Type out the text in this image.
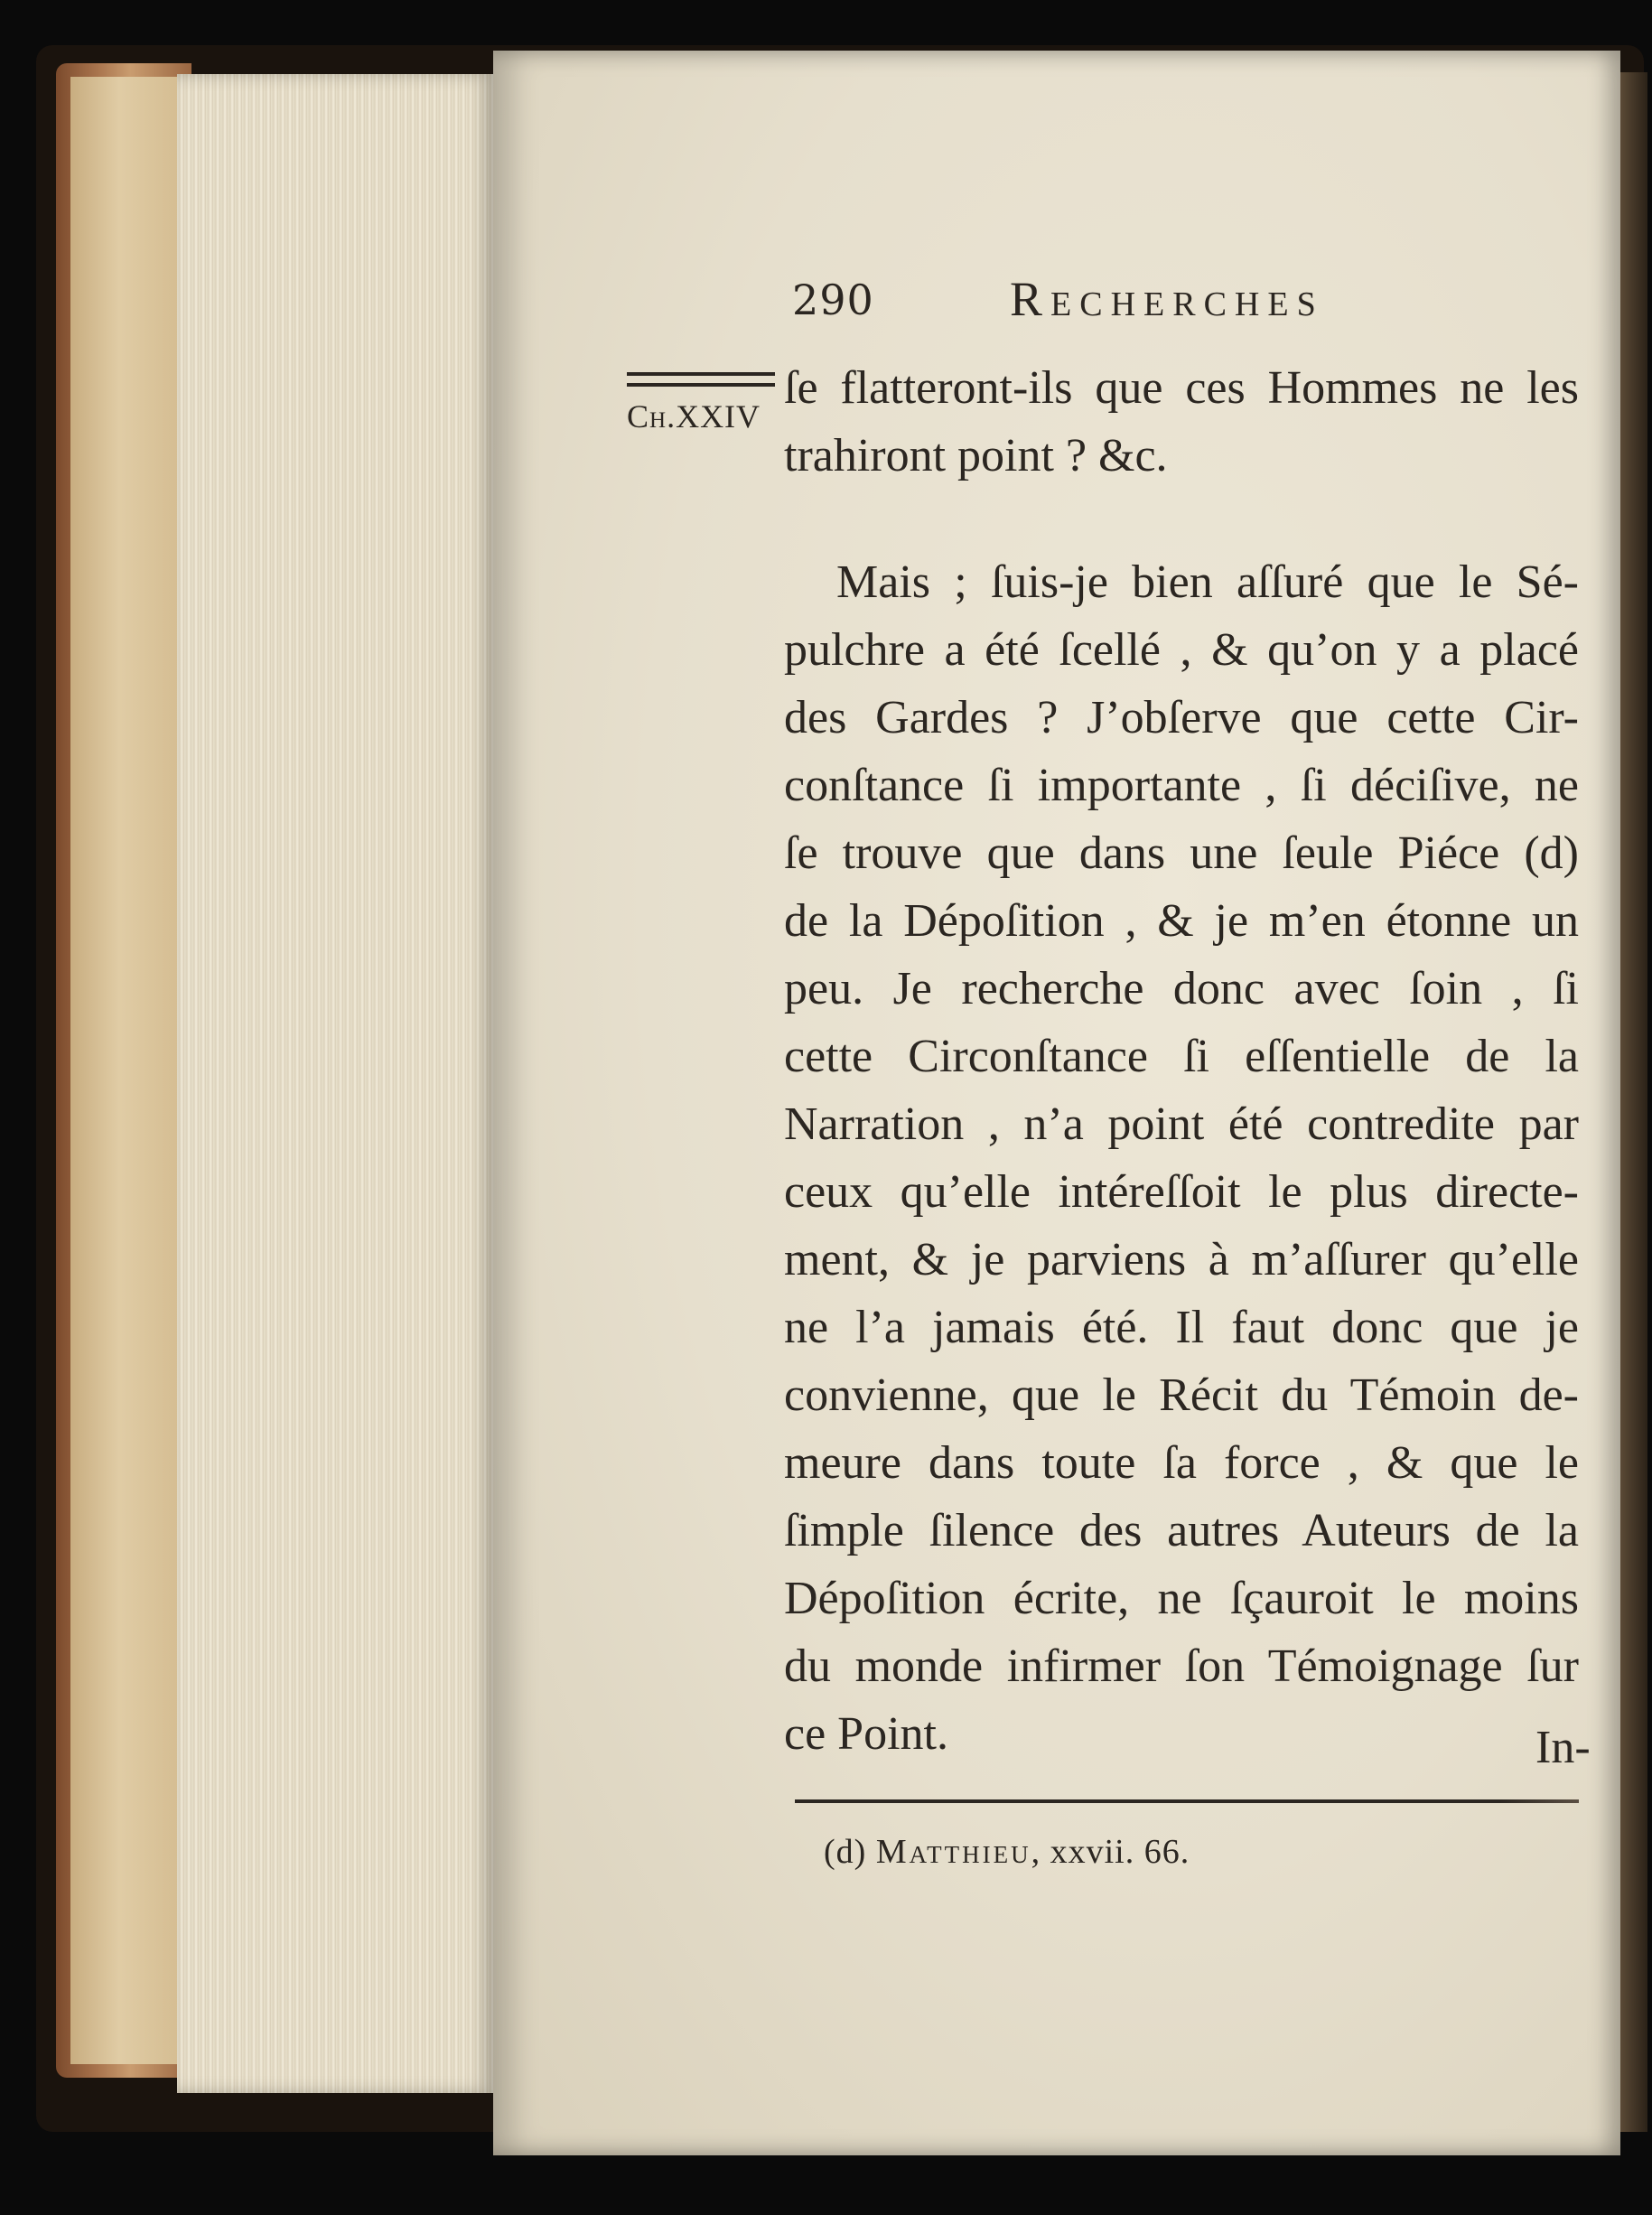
290	Recherches
Ch.XXIV
ſe flatteront-ils que ces Hommes ne les
trahiront point ? &c.
Mais ; ſuis-je bien aſſuré que le Sé-
pulchre a été ſcellé , & qu’on y a placé
des Gardes ? J’obſerve que cette Cir-
conſtance ſi importante , ſi déciſive, ne
ſe trouve que dans une ſeule Piéce (d)
de la Dépoſition , & je m’en étonne un
peu. Je recherche donc avec ſoin , ſi
cette Circonſtance ſi eſſentielle de la
Narration , n’a point été contredite par
ceux qu’elle intéreſſoit le plus directe-
ment, & je parviens à m’aſſurer qu’elle
ne l’a jamais été. Il faut donc que je
convienne, que le Récit du Témoin de-
meure dans toute ſa force , & que le
ſimple ſilence des autres Auteurs de la
Dépoſition écrite, ne ſçauroit le moins
du monde infirmer ſon Témoignage ſur
ce Point.	In-
(d) Matthieu, xxvii. 66.
